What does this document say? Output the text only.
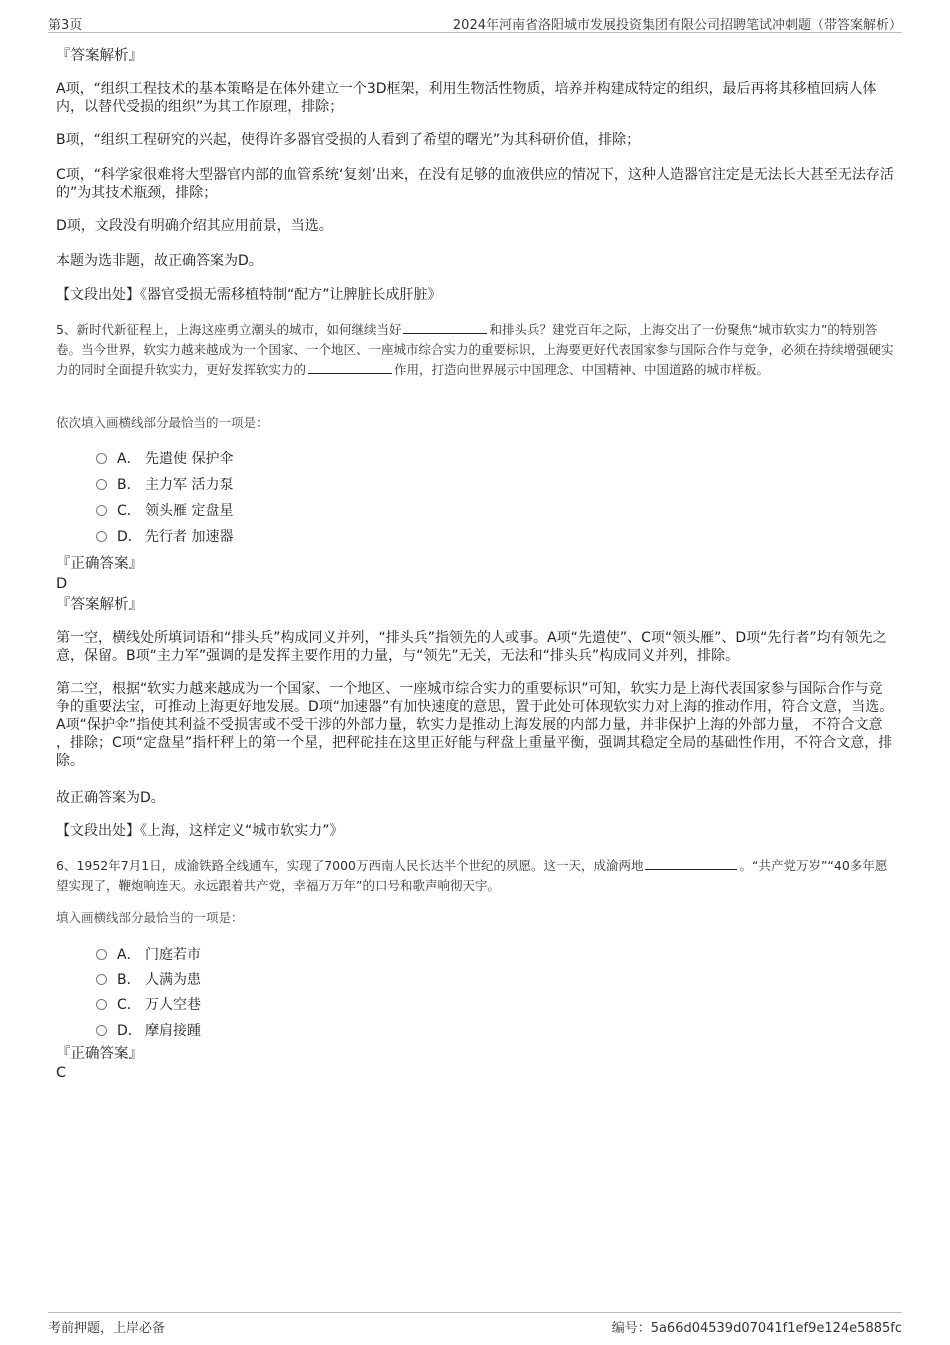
第3页	2024年河南省洛阳城市发展投资集团有限公司招聘笔试冲刺题（带答案解析）
『答案解析』
A项，“组织工程技术的基本策略是在体外建立一个3D框架，利用生物活性物质，培养并构建成特定的组织，最后再将其移植回病人体内，以替代受损的组织”为其工作原理，排除；
B项，“组织工程研究的兴起，使得许多器官受损的人看到了希望的曙光”为其科研价值，排除；
C项，“科学家很难将大型器官内部的血管系统‘复刻’出来，在没有足够的血液供应的情况下，这种人造器官注定是无法长大甚至无法存活的”为其技术瓶颈，排除；
D项，文段没有明确介绍其应用前景，当选。
本题为选非题，故正确答案为D。
【文段出处】《器官受损无需移植特制“配方”让脾脏长成肝脏》
5、新时代新征程上，上海这座勇立潮头的城市，如何继续当好	和排头兵？建党百年之际，上海交出了一份聚焦“城市软实力”的特别答卷。当今世界，软实力越来越成为一个国家、一个地区、一座城市综合实力的重要标识，上海要更好代表国家参与国际合作与竞争，必须在持续增强硬实力的同时全面提升软实力，更好发挥软实力的	作用，打造向世界展示中国理念、中国精神、中国道路的城市样板。
依次填入画横线部分最恰当的一项是：
A． 先遣使 保护伞
B． 主力军 活力泵
C． 领头雁 定盘星
D． 先行者 加速器
『正确答案』
D
『答案解析』
第一空，横线处所填词语和“排头兵”构成同义并列，“排头兵”指领先的人或事。A项“先遣使”、C项“领头雁”、D项“先行者”均有领先之意，保留。B项“主力军”强调的是发挥主要作用的力量，与“领先”无关，无法和“排头兵”构成同义并列，排除。
第二空，根据“软实力越来越成为一个国家、一个地区、一座城市综合实力的重要标识”可知，软实力是上海代表国家参与国际合作与竞争的重要法宝，可推动上海更好地发展。D项“加速器”有加快速度的意思，置于此处可体现软实力对上海的推动作用，符合文意，当选。A项“保护伞”指使其利益不受损害或不受干涉的外部力量，软实力是推动上海发展的内部力量，并非保护上海的外部力量， 不符合文意 ，排除；C项“定盘星”指杆秤上的第一个星，把秤砣挂在这里正好能与秤盘上重量平衡，强调其稳定全局的基础性作用，不符合文意，排除。
故正确答案为D。
【文段出处】《上海，这样定义“城市软实力”》
6、1952年7月1日，成渝铁路全线通车，实现了7000万西南人民长达半个世纪的夙愿。这一天，成渝两地	。“共产党万岁”“40多年愿望实现了，鞭炮响连天。永远跟着共产党，幸福万万年”的口号和歌声响彻天宇。
填入画横线部分最恰当的一项是：
A． 门庭若市
B． 人满为患
C． 万人空巷
D． 摩肩接踵
『正确答案』
C
考前押题，上岸必备	编号：5a66d04539d07041f1ef9e124e5885fc
